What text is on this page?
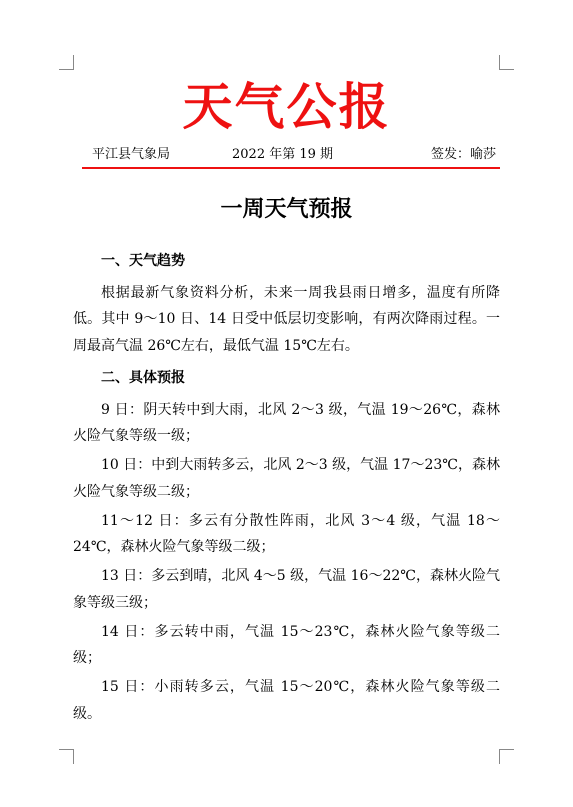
天气公报
平江县气象局	2022 年第 19 期	签发：喻莎
一周天气预报

一、天气趋势

根据最新气象资料分析，未来一周我县雨日增多，温度有所降低。其中 9～10 日、14 日受中低层切变影响，有两次降雨过程。一周最高气温 26℃左右，最低气温 15℃左右。

二、具体预报

9 日：阴天转中到大雨，北风 2～3 级，气温 19～26℃，森林火险气象等级一级；

10 日：中到大雨转多云，北风 2～3 级，气温 17～23℃，森林火险气象等级二级；

11～12 日：多云有分散性阵雨，北风 3～4 级，气温 18～24℃，森林火险气象等级二级；

13 日：多云到晴，北风 4～5 级，气温 16～22℃，森林火险气象等级三级；

14 日：多云转中雨，气温 15～23℃，森林火险气象等级二级；

15 日：小雨转多云，气温 15～20℃，森林火险气象等级二级。
